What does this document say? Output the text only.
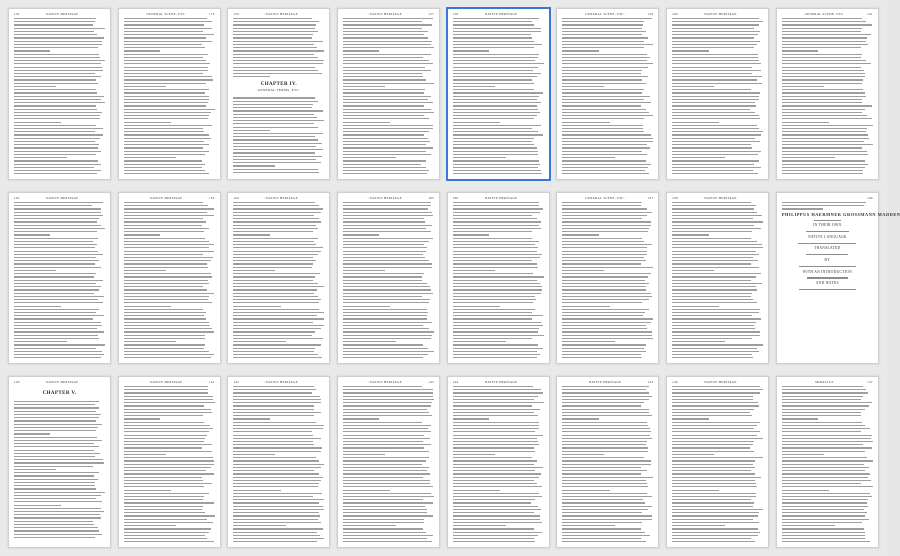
154	NATIVE HERITAGE	GENERAL SCENE, ETC.	155	156	NATIVE HERITAGE
CHAPTER IV.
GENERAL TERMS, ETC.
NATIVE HERITAGE	157	158	NATIVE HERITAGE	GENERAL SCENE, ETC.	159	160	NATIVE HERITAGE	GENERAL SCENE, ETC.	161
162	NATIVE HERITAGE	NATIVE HERITAGE	163	164	NATIVE HERITAGE	NATIVE HERITAGE	165	166	NATIVE HERITAGE	GENERAL SCENE, ETC.	167	168	NATIVE HERITAGE	169
PHILIPPUS HAERMNER GROSSMANN MADDEN
IN THEIR OWN
NATIVE LANGUAGE
TRANSLATED
BY
WITH AN INTRODUCTION
AND NOTES
140	NATIVE HERITAGE
CHAPTER V.
NATIVE HERITAGE	141	142	NATIVE HERITAGE	NATIVE HERITAGE	143	144	NATIVE HERITAGE	NATIVE HERITAGE	145	146	NATIVE HERITAGE	MIRACLES	147
